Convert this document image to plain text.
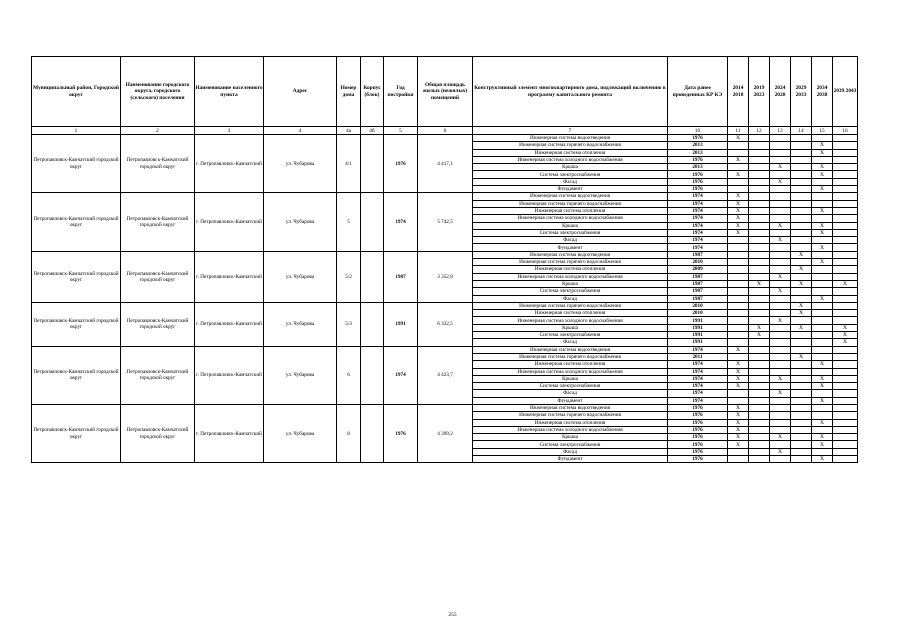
Муниципальный район, Городской округ	Наименование городского округа, городского (сельского) поселения	Наименование населенного пункта	Адрес	Номер дома	Корпус (блок)	Год постройки	Общая площадь жилых (нежилых) помещений	Конструктивный элемент многоквартирного дома, подлежащий включению в программу капитального ремонта	Дата ранее проведенных КР КЭ	2014 2018	2019 2023	2024 2028	2029 2033	2034 2038	2039 2043
1	2	3	4	4а	4б	5	6	7	10	11	12	13	14	15	16
Петропавловск-Камчатский городской округ	Петропавловск-Камчатский городской округ	г. Петропавловск-Камчатский	ул. Чубарова	4/1		1976	4 417,1	Инженерная система водоотведения	1976	X					
								Инженерная система горячего водоснабжения	2013					X	
								Инженерная система отопления	2013					X	
								Инженерная система холодного водоснабжения	1976	X					
								Крыша	2013			X		X	
								Система электроснабжения	1976	X				X	
								Фасад	1976			X			
								Фундамент	1976					X	
Петропавловск-Камчатский городской округ	Петропавловск-Камчатский городской округ	г. Петропавловск-Камчатский	ул. Чубарова	5		1974	5 742,5	Инженерная система водоотведения	1974	X					
								Инженерная система горячего водоснабжения	1974	X					
								Инженерная система отопления	1974	X				X	
								Инженерная система холодного водоснабжения	1974	X					
								Крыша	1974	X		X		X	
								Система электроснабжения	1974	X				X	
								Фасад	1974			X			
								Фундамент	1974					X	
Петропавловск-Камчатский городской округ	Петропавловск-Камчатский городской округ	г. Петропавловск-Камчатский	ул. Чубарова	5/2		1987	3 352,8	Инженерная система водоотведения	1987				X		
								Инженерная система горячего водоснабжения	2010					X	
								Инженерная система отопления	2009				X		
								Инженерная система холодного водоснабжения	1987			X			
								Крыша	1987		X		X		X
								Система электроснабжения	1987			X			
								Фасад	1987					X	
Петропавловск-Камчатский городской округ	Петропавловск-Камчатский городской округ	г. Петропавловск-Камчатский	ул. Чубарова	5/3		1991	6 332,5	Инженерная система горячего водоснабжения	2010				X		
								Инженерная система отопления	2010				X		
								Инженерная система холодного водоснабжения	1991			X			
								Крыша	1991		X		X		X
								Система электроснабжения	1991		X				X
								Фасад	1991						X
Петропавловск-Камчатский городской округ	Петропавловск-Камчатский городской округ	г. Петропавловск-Камчатский	ул. Чубарова	6		1974	4 423,7	Инженерная система водоотведения	1974	X					
								Инженерная система горячего водоснабжения	2011				X		
								Инженерная система отопления	1974	X				X	
								Инженерная система холодного водоснабжения	1974	X					
								Крыша	1974	X		X		X	
								Система электроснабжения	1974	X				X	
								Фасад	1974			X			
								Фундамент	1974					X	
Петропавловск-Камчатский городской округ	Петропавловск-Камчатский городской округ	г. Петропавловск-Камчатский	ул. Чубарова	8		1976	4 399,2	Инженерная система водоотведения	1976	X					
								Инженерная система горячего водоснабжения	1976	X					
								Инженерная система отопления	1976	X				X	
								Инженерная система холодного водоснабжения	1976	X					
								Крыша	1976	X		X		X	
								Система электроснабжения	1976	X				X	
								Фасад	1976			X			
								Фундамент	1976					X	
255
